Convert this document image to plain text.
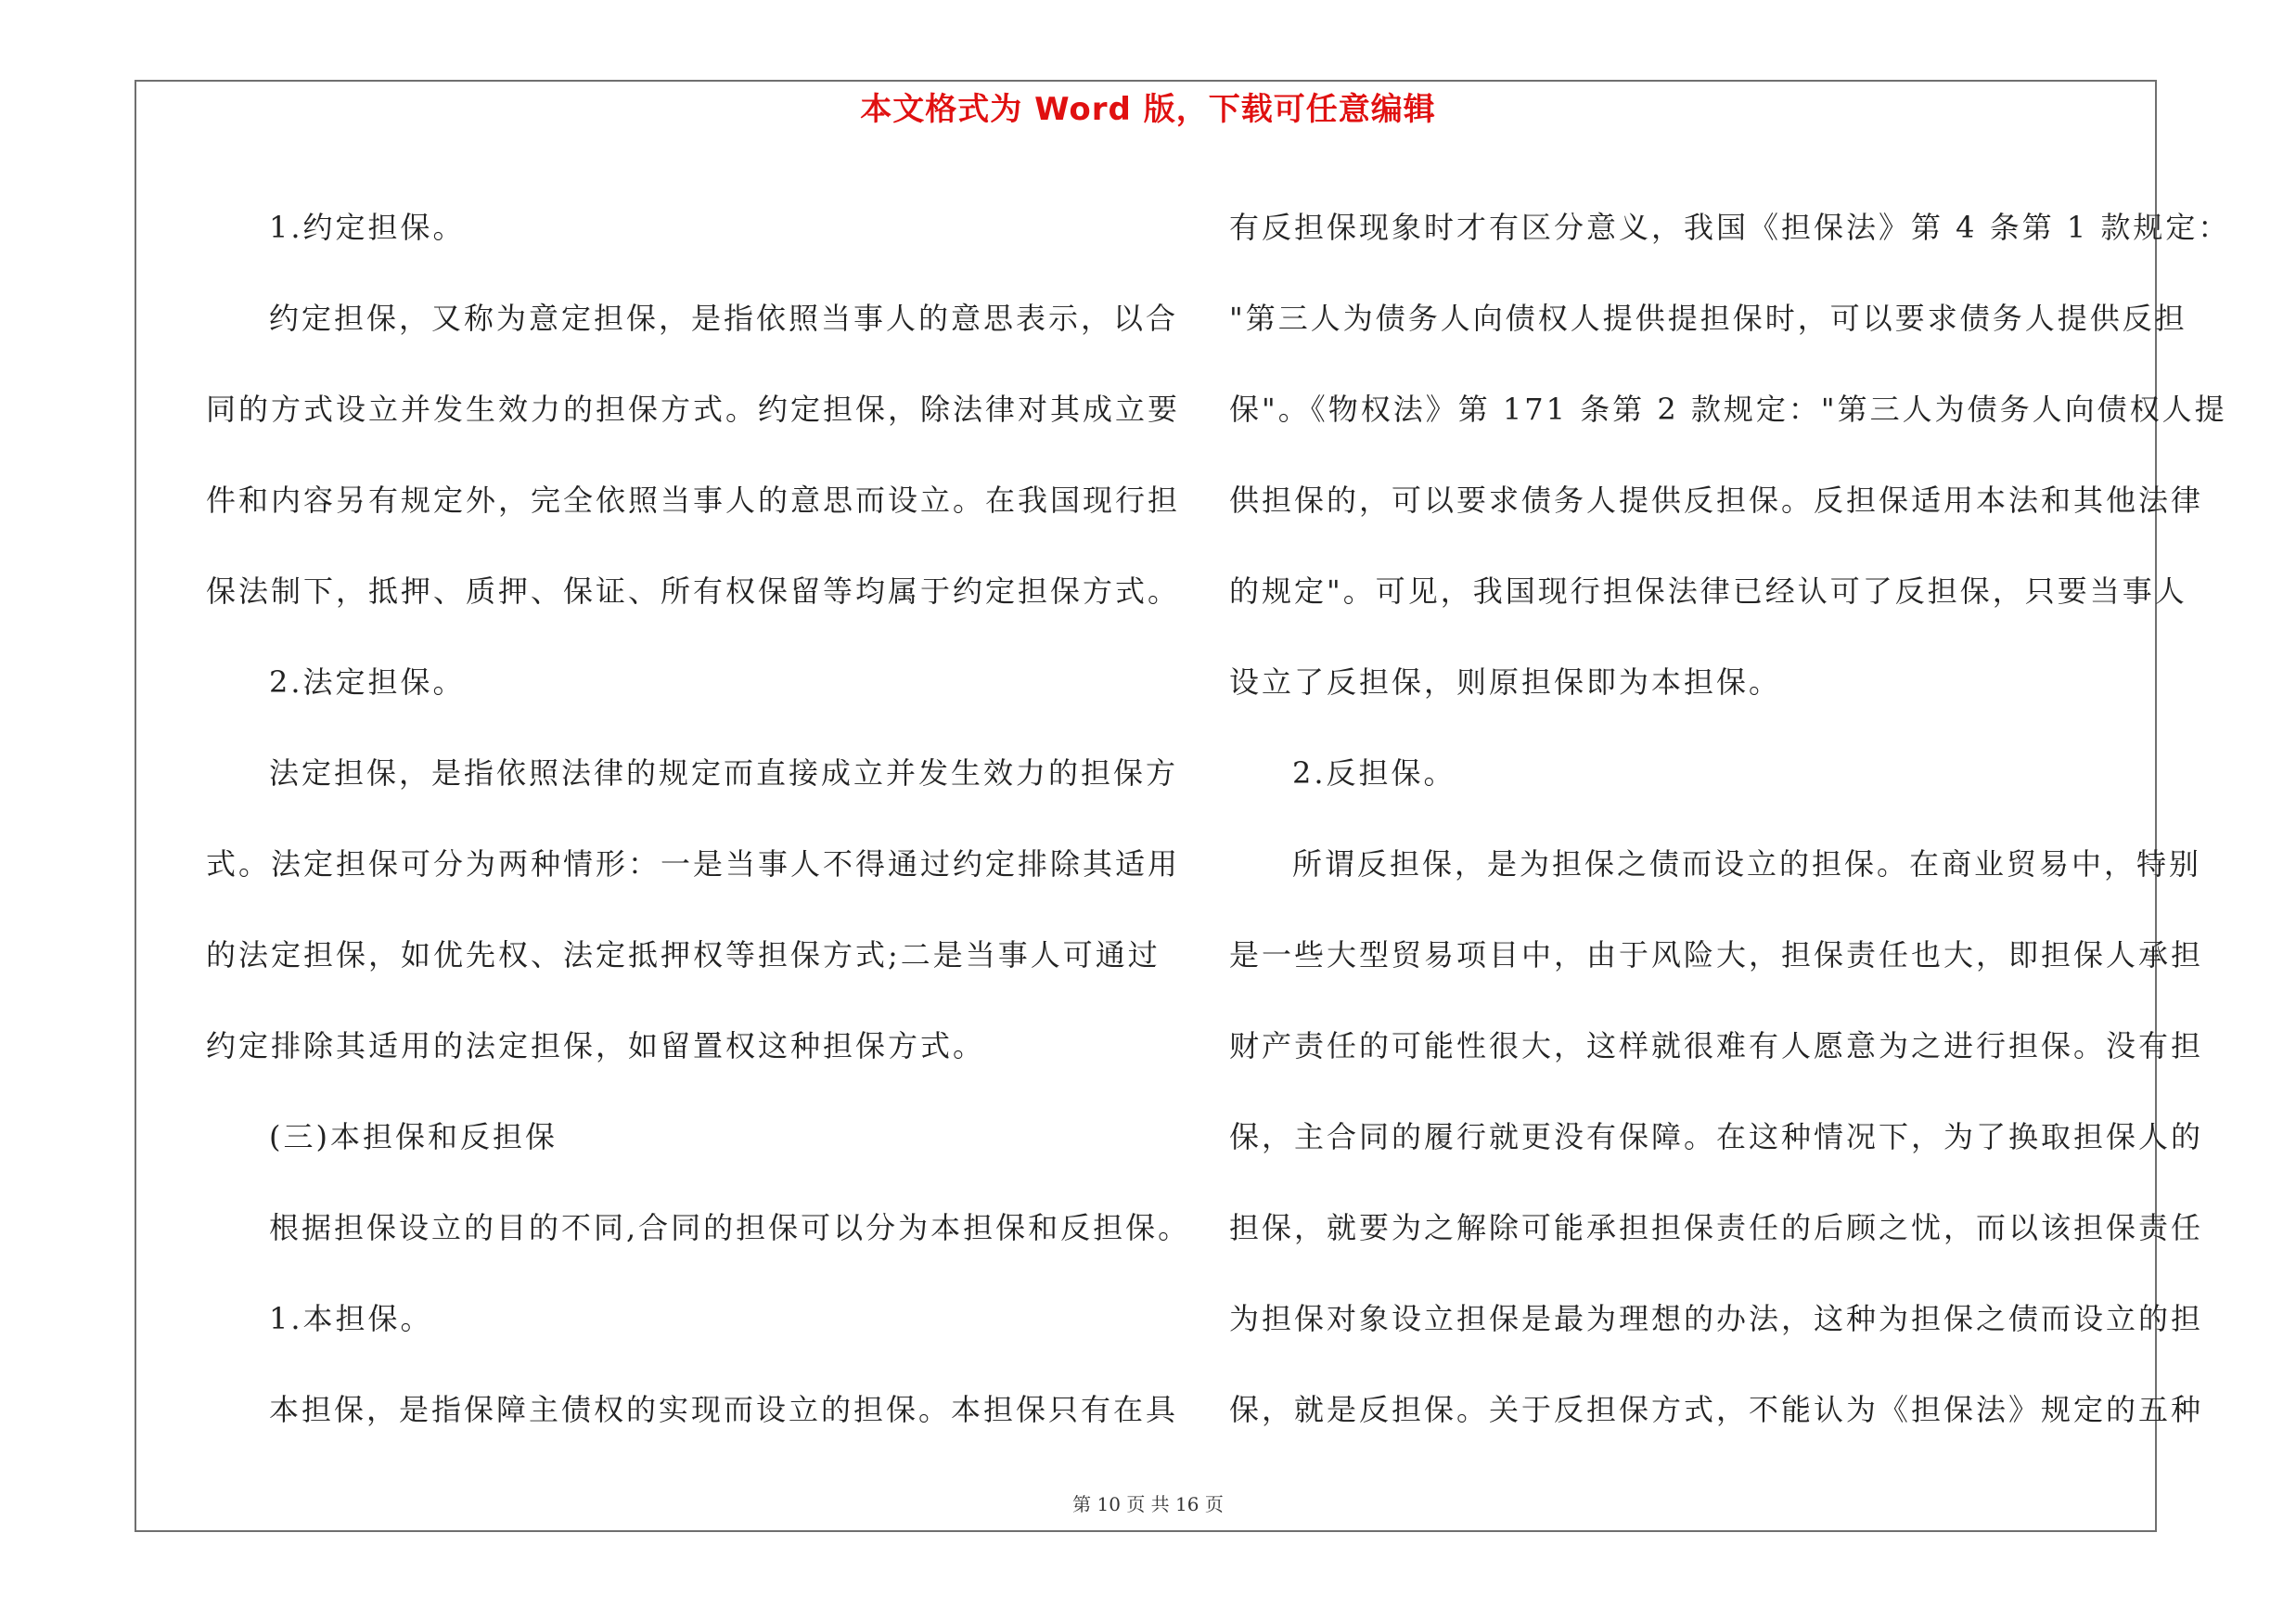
本文格式为 Word 版，下载可任意编辑

1.约定担保。

约定担保，又称为意定担保，是指依照当事人的意思表示，以合

同的方式设立并发生效力的担保方式。约定担保，除法律对其成立要

件和内容另有规定外，完全依照当事人的意思而设立。在我国现行担

保法制下，抵押、质押、保证、所有权保留等均属于约定担保方式。

2.法定担保。

法定担保，是指依照法律的规定而直接成立并发生效力的担保方

式。法定担保可分为两种情形：一是当事人不得通过约定排除其适用

的法定担保，如优先权、法定抵押权等担保方式;二是当事人可通过

约定排除其适用的法定担保，如留置权这种担保方式。

(三)本担保和反担保

根据担保设立的目的不同,合同的担保可以分为本担保和反担保。

1.本担保。

本担保，是指保障主债权的实现而设立的担保。本担保只有在具

有反担保现象时才有区分意义，我国《担保法》第 4 条第 1 款规定：

"第三人为债务人向债权人提供提担保时，可以要求债务人提供反担

保"。《物权法》第 171 条第 2 款规定："第三人为债务人向债权人提

供担保的，可以要求债务人提供反担保。反担保适用本法和其他法律

的规定"。可见，我国现行担保法律已经认可了反担保，只要当事人

设立了反担保，则原担保即为本担保。

2.反担保。

所谓反担保，是为担保之债而设立的担保。在商业贸易中，特别

是一些大型贸易项目中，由于风险大，担保责任也大，即担保人承担

财产责任的可能性很大，这样就很难有人愿意为之进行担保。没有担

保，主合同的履行就更没有保障。在这种情况下，为了换取担保人的

担保，就要为之解除可能承担担保责任的后顾之忧，而以该担保责任

为担保对象设立担保是最为理想的办法，这种为担保之债而设立的担

保，就是反担保。关于反担保方式，不能认为《担保法》规定的五种

第 10 页 共 16 页
